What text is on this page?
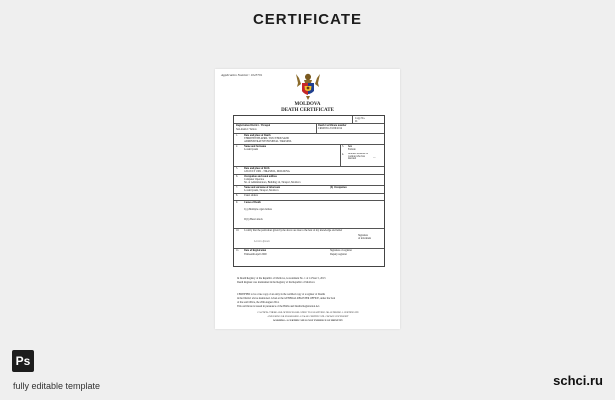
CERTIFICATE
Application Number: 1023791
MOLDOVA
DEATH CERTIFICATE
Copy No.
01
Registration District - Tiraspol
Sub-district: Yellow
Death Certificate number
CRM/0511/01/06/2014
1. Date and place of Death
THIRTEENTH APRIL TWO THOUSAND
ADMINISTRATIVE HOSPITAL TIRASPOL
2. Name and Surname
Lorem Ipsum
3. Sex
Female
4. Maiden surname of woman who has married	—
5. Date and place of birth
12th JULY 1982 - TIRASPOL, MOLDOVA
6. Occupation and usual address
Computer Operator
Str. of Administrators, Building 14, Tiraspol, Moldova
7. Name and surname of informant	(b) Occupation
Lorem Ipsum, Tiraspol, Moldova
8. Usual address
9. Cause of Death
I (a) Multiple organ failure
II (b) Heart attack
10. I certify that the particulars given by me above are true to the best of my knowledge and belief
Signature
of informant
Lorem Ipsum
11. Date of Registration	Signature of registrar
Thirteenth April 2000	Deputy registrar
In Death Registry of the Republic of Moldova, Government No. 1 of 14 Year 5, 2013
Death Register was maintained in the Registry of the Republic of Moldova
CERTIFIED to be a true copy of an entry in the certified copy of a register of Deaths
in the District above mentioned. Given at the GENERAL REGISTER OFFICE, under the Seal
of the said Office, the 20th August 2014.
This certificate is issued in pursuance of the Births and Deaths Registration Act.
CAUTION: THERE ARE OFFENCES RELATING TO FALSIFYING OR ALTERING A CERTIFICATE
AND USING OR POSSESSING A FALSE CERTIFICATE. CROWN COPYRIGHT
WARNING: A CERTIFICATE IS NOT EVIDENCE OF IDENTITY
Ps
fully editable template	schci.ru
